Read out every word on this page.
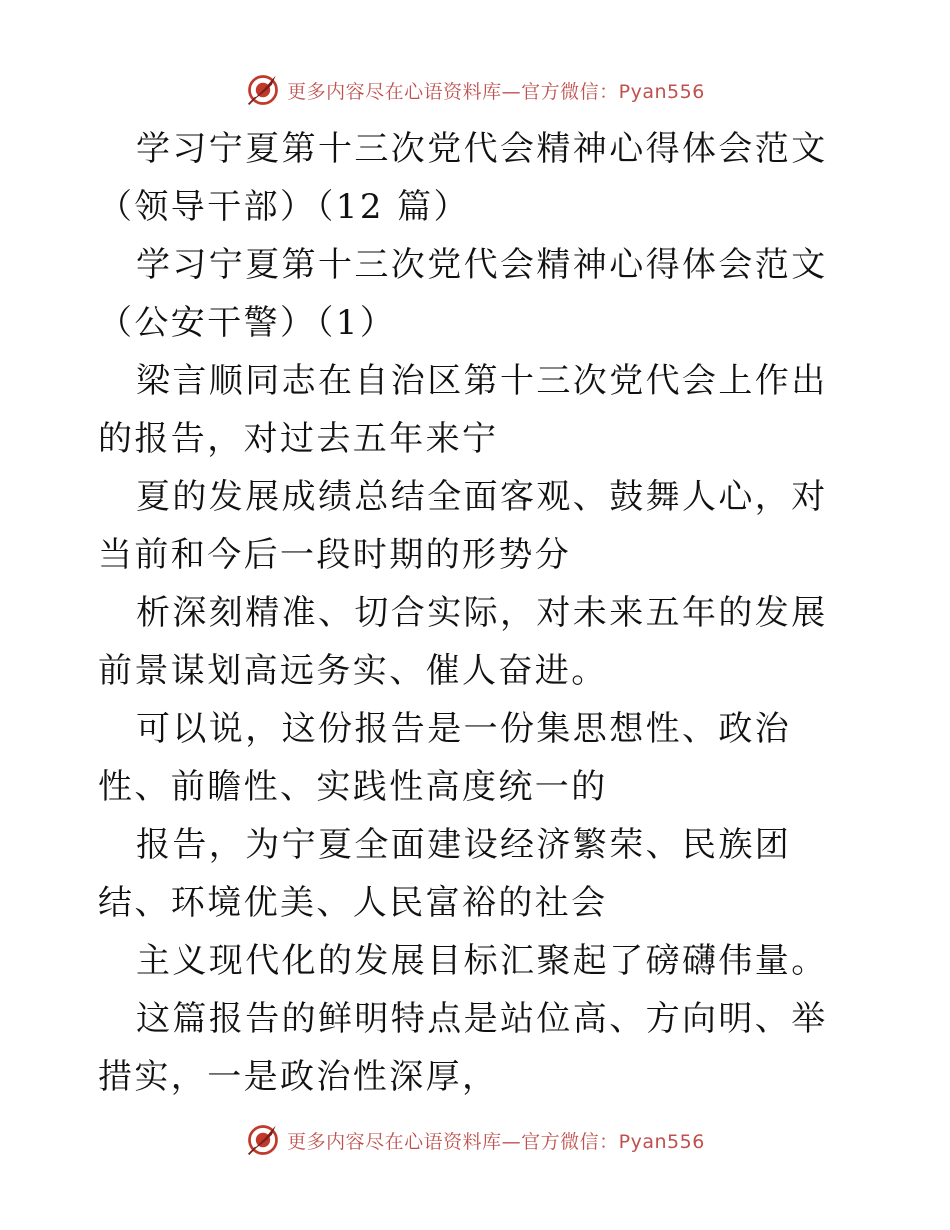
更多内容尽在心语资料库—官方微信：Pyan556

学习宁夏第十三次党代会精神心得体会范文（领导干部）（12 篇）

学习宁夏第十三次党代会精神心得体会范文（公安干警）（1）

梁言顺同志在自治区第十三次党代会上作出的报告，对过去五年来宁

夏的发展成绩总结全面客观、鼓舞人心，对当前和今后一段时期的形势分

析深刻精准、切合实际，对未来五年的发展前景谋划高远务实、催人奋进。

可以说，这份报告是一份集思想性、政治性、前瞻性、实践性高度统一的

报告，为宁夏全面建设经济繁荣、民族团结、环境优美、人民富裕的社会

主义现代化的发展目标汇聚起了磅礴伟量。

这篇报告的鲜明特点是站位高、方向明、举措实，一是政治性深厚，

更多内容尽在心语资料库—官方微信：Pyan556
